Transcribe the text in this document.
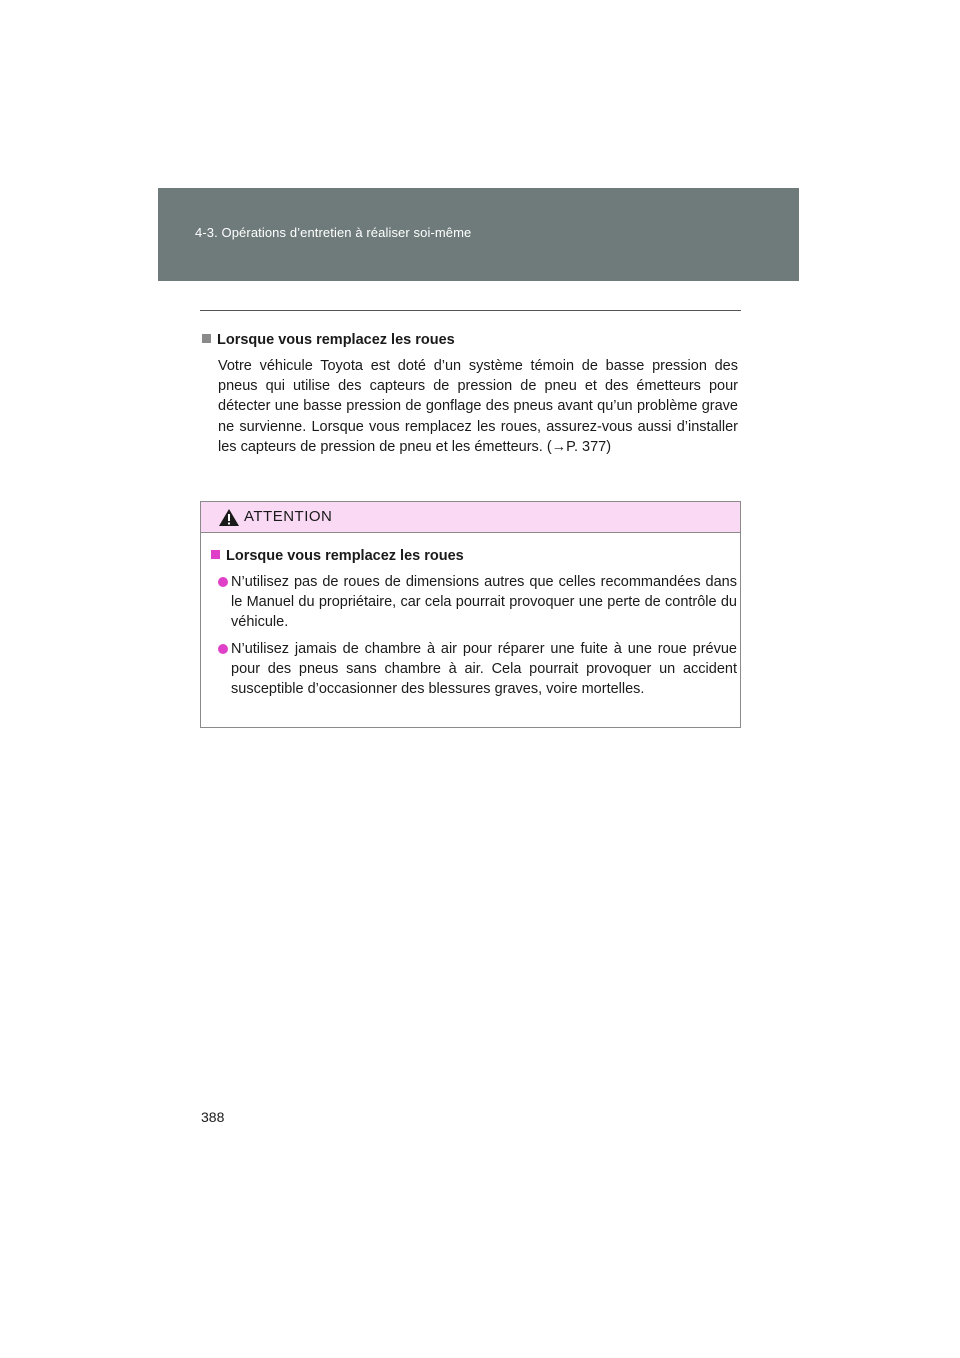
4-3. Opérations d’entretien à réaliser soi-même

Lorsque vous remplacez les roues

Votre véhicule Toyota est doté d’un système témoin de basse pression des pneus qui utilise des capteurs de pression de pneu et des émetteurs pour détecter une basse pression de gonflage des pneus avant qu’un problème grave ne survienne. Lorsque vous remplacez les roues, assurez-vous aussi d’installer les capteurs de pression de pneu et les émetteurs. (→P. 377)

ATTENTION

Lorsque vous remplacez les roues

N’utilisez pas de roues de dimensions autres que celles recommandées dans le Manuel du propriétaire, car cela pourrait provoquer une perte de contrôle du véhicule.
N’utilisez jamais de chambre à air pour réparer une fuite à une roue prévue pour des pneus sans chambre à air. Cela pourrait provoquer un accident susceptible d’occasionner des blessures graves, voire mortelles.
388
